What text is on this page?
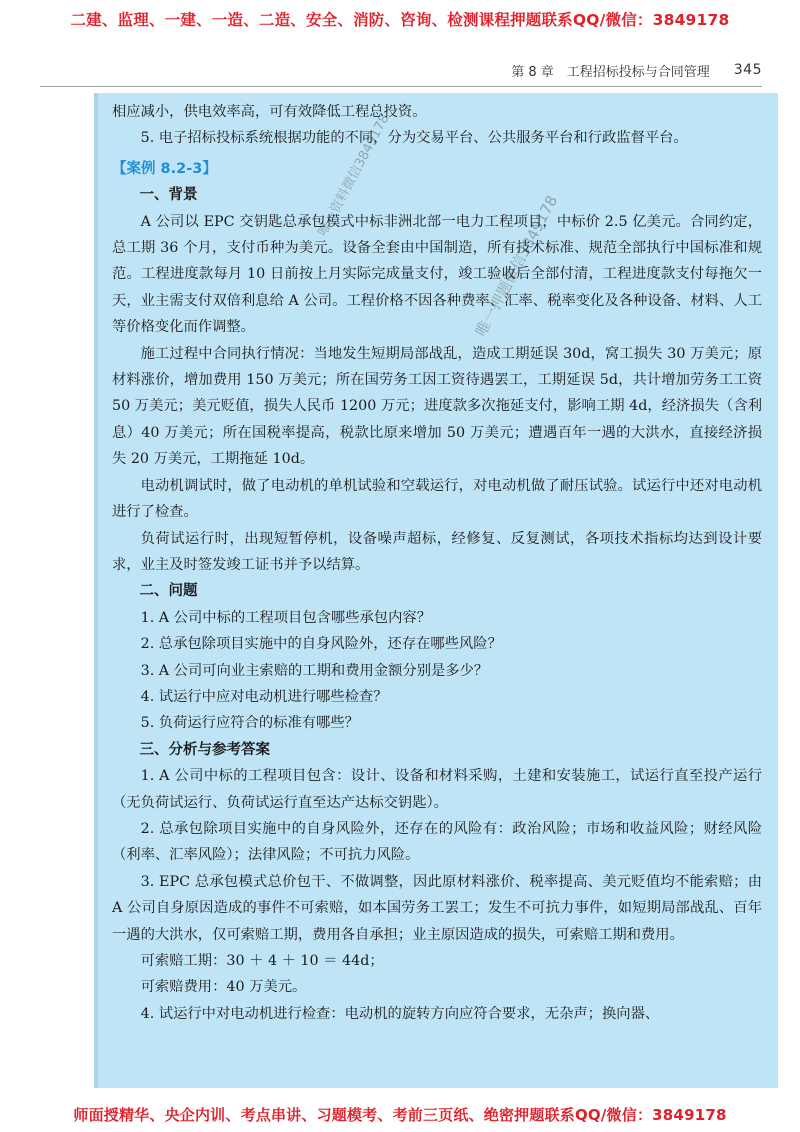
二建、监理、一建、一造、二造、安全、消防、咨询、检测课程押题联系QQ/微信：3849178
第 8 章　工程招标投标与合同管理 345

相应减小，供电效率高，可有效降低工程总投资。

5. 电子招标投标系统根据功能的不同，分为交易平台、公共服务平台和行政监督平台。

【案例 8.2-3】
一、背景

A 公司以 EPC 交钥匙总承包模式中标非洲北部一电力工程项目，中标价 2.5 亿美元。合同约定，总工期 36 个月，支付币种为美元。设备全套由中国制造，所有技术标准、规范全部执行中国标准和规范。工程进度款每月 10 日前按上月实际完成量支付，竣工验收后全部付清，工程进度款支付每拖欠一天，业主需支付双倍利息给 A 公司。工程价格不因各种费率、汇率、税率变化及各种设备、材料、人工等价格变化而作调整。

施工过程中合同执行情况：当地发生短期局部战乱，造成工期延误 30d，窝工损失 30 万美元；原材料涨价，增加费用 150 万美元；所在国劳务工因工资待遇罢工，工期延误 5d，共计增加劳务工工资 50 万美元；美元贬值，损失人民币 1200 万元；进度款多次拖延支付，影响工期 4d，经济损失（含利息）40 万美元；所在国税率提高，税款比原来增加 50 万美元；遭遇百年一遇的大洪水，直接经济损失 20 万美元，工期拖延 10d。

电动机调试时，做了电动机的单机试验和空载运行，对电动机做了耐压试验。试运行中还对电动机进行了检查。

负荷试运行时，出现短暂停机，设备噪声超标，经修复、反复测试，各项技术指标均达到设计要求，业主及时签发竣工证书并予以结算。

二、问题

1. A 公司中标的工程项目包含哪些承包内容？

2. 总承包除项目实施中的自身风险外，还存在哪些风险？

3. A 公司可向业主索赔的工期和费用金额分别是多少？

4. 试运行中应对电动机进行哪些检查？

5. 负荷运行应符合的标准有哪些？

三、分析与参考答案

1. A 公司中标的工程项目包含：设计、设备和材料采购，土建和安装施工，试运行直至投产运行（无负荷试运行、负荷试运行直至达产达标交钥匙）。

2. 总承包除项目实施中的自身风险外，还存在的风险有：政治风险；市场和收益风险；财经风险（利率、汇率风险）；法律风险；不可抗力风险。

3. EPC 总承包模式总价包干、不做调整，因此原材料涨价、税率提高、美元贬值均不能索赔；由 A 公司自身原因造成的事件不可索赔，如本国劳务工罢工；发生不可抗力事件，如短期局部战乱、百年一遇的大洪水，仅可索赔工期，费用各自承担；业主原因造成的损失，可索赔工期和费用。

可索赔工期：30 ＋ 4 ＋ 10 ＝ 44d；

可索赔费用：40 万美元。

4. 试运行中对电动机进行检查：电动机的旋转方向应符合要求，无杂声；换向器、

唯一资料微信3849178
唯一押题微信3849178
师面授精华、央企内训、考点串讲、习题模考、考前三页纸、绝密押题联系QQ/微信：3849178
